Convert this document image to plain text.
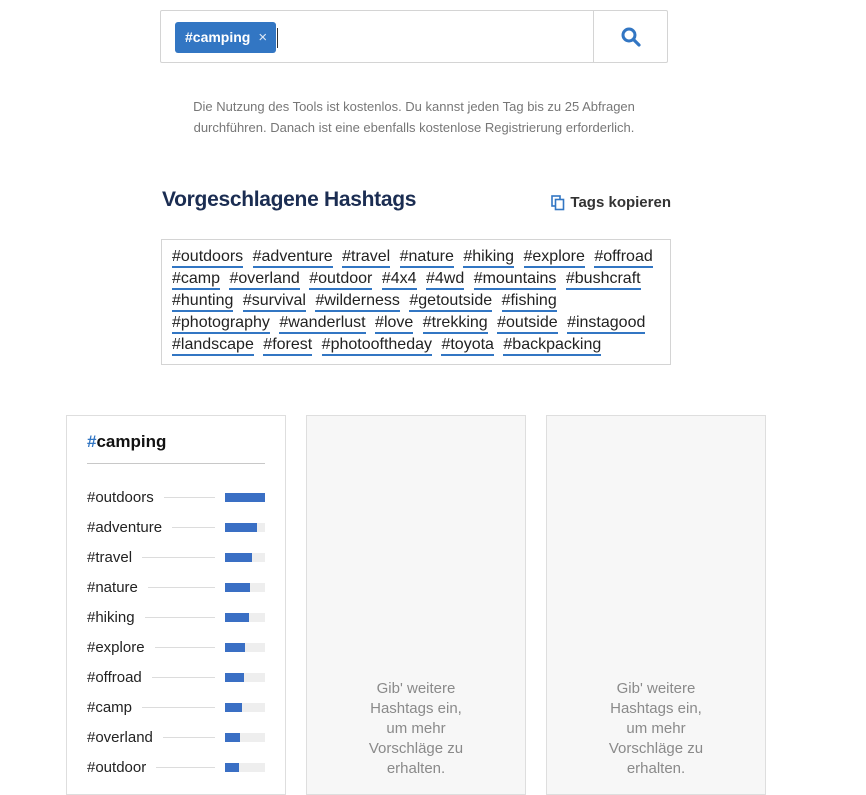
#camping ×
Die Nutzung des Tools ist kostenlos. Du kannst jeden Tag bis zu 25 Abfragen durchführen. Danach ist eine ebenfalls kostenlose Registrierung erforderlich.
Vorgeschlagene Hashtags	Tags kopieren
#outdoors #adventure #travel #nature #hiking #explore #offroad #camp #overland #outdoor #4x4 #4wd #mountains #bushcraft #hunting #survival #wilderness #getoutside #fishing #photography #wanderlust #love #trekking #outside #instagood #landscape #forest #photooftheday #toyota #backpacking
#camping
#outdoors
#adventure
#travel
#nature
#hiking
#explore
#offroad
#camp
#overland
#outdoor
Gib' weitere
Hashtags ein,
um mehr
Vorschläge zu
erhalten.
Gib' weitere
Hashtags ein,
um mehr
Vorschläge zu
erhalten.
